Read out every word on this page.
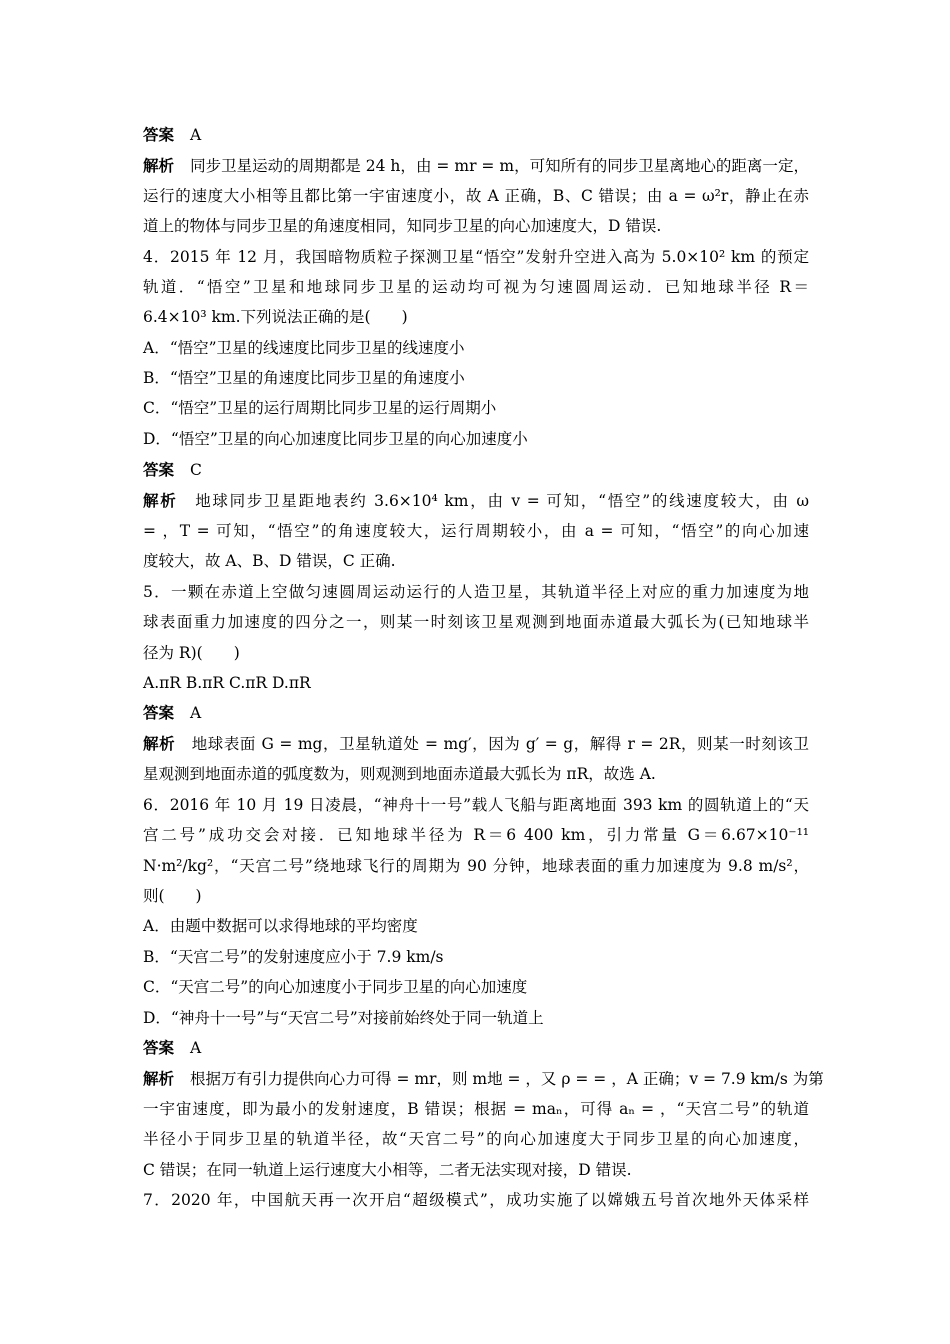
答案 A
解析 同步卫星运动的周期都是 24 h，由 = mr = m，可知所有的同步卫星离地心的距离一定，
运行的速度大小相等且都比第一宇宙速度小，故 A 正确，B、C 错误；由 a = ω²r，静止在赤
道上的物体与同步卫星的角速度相同，知同步卫星的向心加速度大，D 错误.
4．2015 年 12 月，我国暗物质粒子探测卫星“悟空”发射升空进入高为 5.0×10² km 的预定
轨道．“悟空”卫星和地球同步卫星的运动均可视为匀速圆周运动．已知地球半径 R＝
6.4×10³ km.下列说法正确的是(　　)
A．“悟空”卫星的线速度比同步卫星的线速度小
B．“悟空”卫星的角速度比同步卫星的角速度小
C．“悟空”卫星的运行周期比同步卫星的运行周期小
D．“悟空”卫星的向心加速度比同步卫星的向心加速度小
答案 C
解析 地球同步卫星距地表约 3.6×10⁴ km，由 v = 可知，“悟空”的线速度较大，由 ω
= ，T = 可知，“悟空”的角速度较大，运行周期较小，由 a = 可知，“悟空”的向心加速
度较大，故 A、B、D 错误，C 正确.
5．一颗在赤道上空做匀速圆周运动运行的人造卫星，其轨道半径上对应的重力加速度为地
球表面重力加速度的四分之一，则某一时刻该卫星观测到地面赤道最大弧长为(已知地球半
径为 R)(　　)
A.πR B.πR C.πR D.πR
答案 A
解析 地球表面 G = mg，卫星轨道处 = mg′，因为 g′ = g，解得 r = 2R，则某一时刻该卫
星观测到地面赤道的弧度数为，则观测到地面赤道最大弧长为 πR，故选 A.
6．2016 年 10 月 19 日凌晨，“神舟十一号”载人飞船与距离地面 393 km 的圆轨道上的“天
宫二号”成功交会对接．已知地球半径为 R＝6 400 km，引力常量 G＝6.67×10⁻¹¹
N·m²/kg²，“天宫二号”绕地球飞行的周期为 90 分钟，地球表面的重力加速度为 9.8 m/s²，
则(　　)
A．由题中数据可以求得地球的平均密度
B．“天宫二号”的发射速度应小于 7.9 km/s
C．“天宫二号”的向心加速度小于同步卫星的向心加速度
D．“神舟十一号”与“天宫二号”对接前始终处于同一轨道上
答案 A
解析 根据万有引力提供向心力可得 = mr，则 m地 = ，又 ρ = = ，A 正确；v = 7.9 km/s 为第
一宇宙速度，即为最小的发射速度，B 错误；根据 = maₙ，可得 aₙ = ，“天宫二号”的轨道
半径小于同步卫星的轨道半径，故“天宫二号”的向心加速度大于同步卫星的向心加速度，
C 错误；在同一轨道上运行速度大小相等，二者无法实现对接，D 错误.
7．2020 年，中国航天再一次开启“超级模式”，成功实施了以嫦娥五号首次地外天体采样
